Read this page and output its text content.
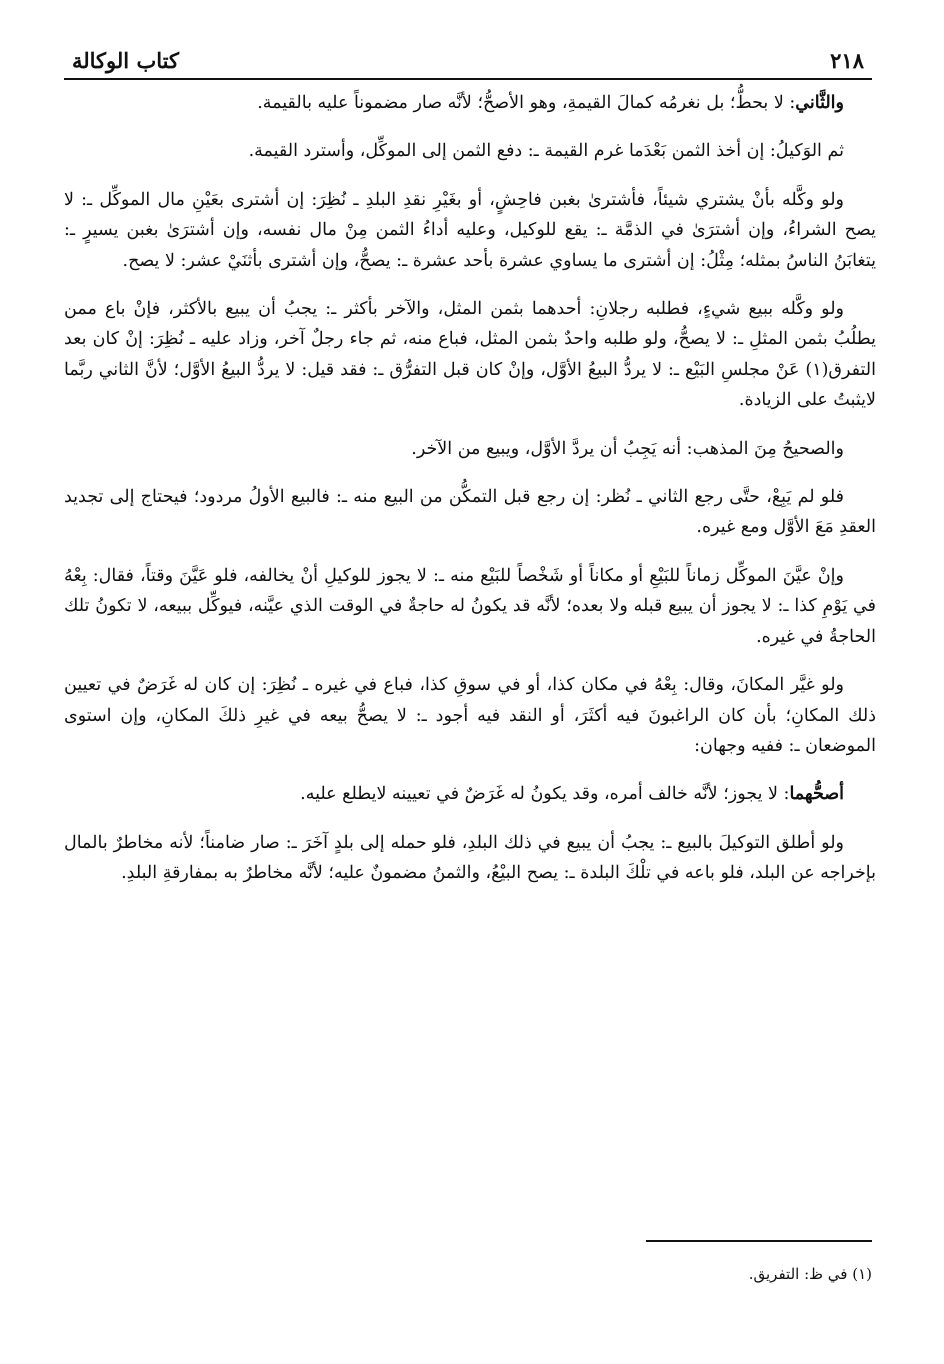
٢١٨
كتاب الوكالة

والثَّاني: لا بحطُّ؛ بل نغرمُه كمالَ القيمةِ، وهو الأصحُّ؛ لأنَّه صار مضموناً عليه بالقيمة.

ثم الوَكيلُ: إن أخذ الثمن بَعْدَما غرم القيمة ـ: دفع الثمن إلى الموكِّل، وأسترد القيمة.

ولو وكَّله بأنْ يشتري شيئاً، فأشترىٰ بغبن فاحِشٍ، أو بغَيْرِ نقدِ البلدِ ـ نُظِرَ: إن أشترى بعَيْنِ مال الموكِّل ـ: لا يصح الشراءُ، وإن أشترَىٰ في الذمَّة ـ: يقع للوكيل، وعليه أداءُ الثمن مِنْ مال نفسه، وإن أشترَىٰ بغبن يسيرٍ ـ: يتغابَنُ الناسُ بمثله؛ مِثْلُ: إن أشترى ما يساوي عشرة بأحد عشرة ـ: يصحُّ، وإن أشترى بأثنَيْ عشر: لا يصح.

ولو وكَّله ببيع شيءٍ، فطلبه رجلانِ: أحدهما بثمن المثل، والآخر بأكثر ـ: يجبُ أن يبيع بالأكثر، فإنْ باع ممن يطلُبُ بثمن المثلِ ـ: لا يصحُّ، ولو طلبه واحدٌ بثمن المثل، فباع منه، ثم جاء رجلٌ آخر، وزاد عليه ـ نُظِرَ: إنْ كان بعد التفرق(١) عَنْ مجلسِ البَيْع ـ: لا يردُّ البيعُ الأوَّل، وإنْ كان قبل التفرُّق ـ: فقد قيل: لا يردُّ البيعُ الأوَّل؛ لأنَّ الثاني ربَّما لايثبتُ على الزيادة.

والصحيحُ مِنَ المذهب: أنه يَجِبُ أن يردَّ الأوَّل، ويبيع من الآخر.

فلو لم يَبِعْ، حتَّى رجع الثاني ـ نُظر: إن رجع قبل التمكُّن من البيع منه ـ: فالبيع الأولُ مردود؛ فيحتاج إلى تجديد العقدِ مَعَ الأوَّل ومع غيره.

وإنْ عيَّنَ الموكِّل زماناً للبَيْعِ أو مكاناً أو شَخْصاً للبَيْع منه ـ: لا يجوز للوكيلِ أنْ يخالفه، فلو عَيَّنَ وقتاً، فقال: بِعْهُ في يَوْمِ كذا ـ: لا يجوز أن يبيع قبله ولا بعده؛ لأنَّه قد يكونُ له حاجةٌ في الوقت الذي عيَّنه، فيوكِّل ببيعه، لا تكونُ تلك الحاجةُ في غيره.

ولو غيَّر المكانَ، وقال: بِعْهُ في مكان كذا، أو في سوقِ كذا، فباع في غيره ـ نُظِرَ: إن كان له غَرَضٌ في تعيين ذلك المكانِ؛ بأن كان الراغبونَ فيه أكثَرَ، أو النقد فيه أجود ـ: لا يصحُّ بيعه في غيرِ ذلكَ المكانِ، وإن استوى الموضعان ـ: ففيه وجهان:

أصحُّهما: لا يجوز؛ لأنَّه خالف أمره، وقد يكونُ له غَرَضٌ في تعيينه لايطلع عليه.

ولو أطلق التوكيلَ بالبيع ـ: يجبُ أن يبيع في ذلك البلدِ، فلو حمله إلى بلدٍ آخَرَ ـ: صار ضامناً؛ لأنه مخاطرٌ بالمال بإخراجه عن البلد، فلو باعه في تلْكَ البلدة ـ: يصح البيْعُ، والثمنُ مضمونٌ عليه؛ لأنَّه مخاطرٌ به بمفارقةِ البلدِ.

(١) في ظ: التفريق.
